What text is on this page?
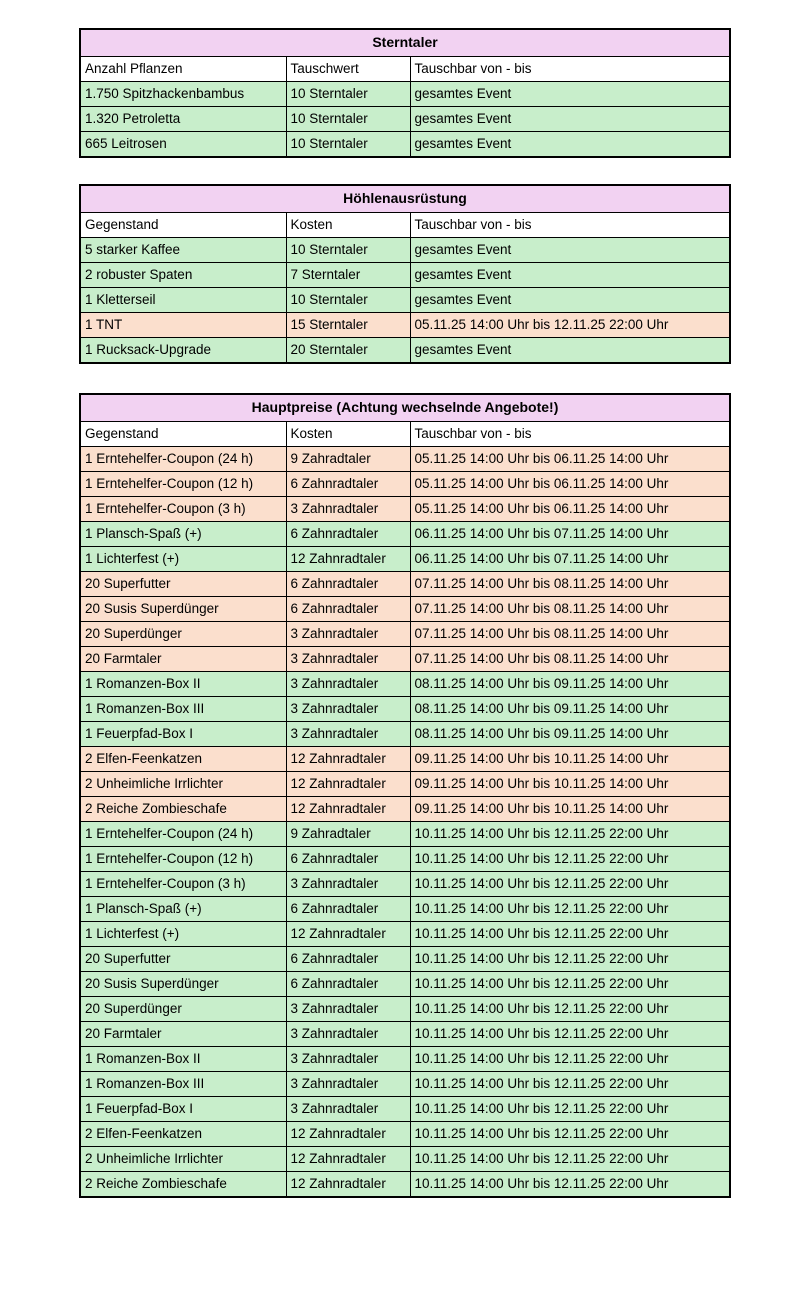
Sterntaler		
Anzahl Pflanzen	Tauschwert	Tauschbar von - bis
1.750 Spitzhackenbambus	10 Sterntaler	gesamtes Event
1.320 Petroletta	10 Sterntaler	gesamtes Event
665 Leitrosen	10 Sterntaler	gesamtes Event
Höhlenausrüstung		
Gegenstand	Kosten	Tauschbar von - bis
5 starker Kaffee	10 Sterntaler	gesamtes Event
2 robuster Spaten	7 Sterntaler	gesamtes Event
1 Kletterseil	10 Sterntaler	gesamtes Event
1 TNT	15 Sterntaler	05.11.25 14:00 Uhr bis 12.11.25 22:00 Uhr
1 Rucksack-Upgrade	20 Sterntaler	gesamtes Event
Hauptpreise (Achtung wechselnde Angebote!)		
Gegenstand	Kosten	Tauschbar von - bis
1 Erntehelfer-Coupon (24 h)	9 Zahradtaler	05.11.25 14:00 Uhr bis 06.11.25 14:00 Uhr
1 Erntehelfer-Coupon (12 h)	6 Zahnradtaler	05.11.25 14:00 Uhr bis 06.11.25 14:00 Uhr
1 Erntehelfer-Coupon (3 h)	3 Zahnradtaler	05.11.25 14:00 Uhr bis 06.11.25 14:00 Uhr
1 Plansch-Spaß (+)	6 Zahnradtaler	06.11.25 14:00 Uhr bis 07.11.25 14:00 Uhr
1 Lichterfest (+)	12 Zahnradtaler	06.11.25 14:00 Uhr bis 07.11.25 14:00 Uhr
20 Superfutter	6 Zahnradtaler	07.11.25 14:00 Uhr bis 08.11.25 14:00 Uhr
20 Susis Superdünger	6 Zahnradtaler	07.11.25 14:00 Uhr bis 08.11.25 14:00 Uhr
20 Superdünger	3 Zahnradtaler	07.11.25 14:00 Uhr bis 08.11.25 14:00 Uhr
20 Farmtaler	3 Zahnradtaler	07.11.25 14:00 Uhr bis 08.11.25 14:00 Uhr
1 Romanzen-Box II	3 Zahnradtaler	08.11.25 14:00 Uhr bis 09.11.25 14:00 Uhr
1 Romanzen-Box III	3 Zahnradtaler	08.11.25 14:00 Uhr bis 09.11.25 14:00 Uhr
1 Feuerpfad-Box I	3 Zahnradtaler	08.11.25 14:00 Uhr bis 09.11.25 14:00 Uhr
2 Elfen-Feenkatzen	12 Zahnradtaler	09.11.25 14:00 Uhr bis 10.11.25 14:00 Uhr
2 Unheimliche Irrlichter	12 Zahnradtaler	09.11.25 14:00 Uhr bis 10.11.25 14:00 Uhr
2 Reiche Zombieschafe	12 Zahnradtaler	09.11.25 14:00 Uhr bis 10.11.25 14:00 Uhr
1 Erntehelfer-Coupon (24 h)	9 Zahradtaler	10.11.25 14:00 Uhr bis 12.11.25 22:00 Uhr
1 Erntehelfer-Coupon (12 h)	6 Zahnradtaler	10.11.25 14:00 Uhr bis 12.11.25 22:00 Uhr
1 Erntehelfer-Coupon (3 h)	3 Zahnradtaler	10.11.25 14:00 Uhr bis 12.11.25 22:00 Uhr
1 Plansch-Spaß (+)	6 Zahnradtaler	10.11.25 14:00 Uhr bis 12.11.25 22:00 Uhr
1 Lichterfest (+)	12 Zahnradtaler	10.11.25 14:00 Uhr bis 12.11.25 22:00 Uhr
20 Superfutter	6 Zahnradtaler	10.11.25 14:00 Uhr bis 12.11.25 22:00 Uhr
20 Susis Superdünger	6 Zahnradtaler	10.11.25 14:00 Uhr bis 12.11.25 22:00 Uhr
20 Superdünger	3 Zahnradtaler	10.11.25 14:00 Uhr bis 12.11.25 22:00 Uhr
20 Farmtaler	3 Zahnradtaler	10.11.25 14:00 Uhr bis 12.11.25 22:00 Uhr
1 Romanzen-Box II	3 Zahnradtaler	10.11.25 14:00 Uhr bis 12.11.25 22:00 Uhr
1 Romanzen-Box III	3 Zahnradtaler	10.11.25 14:00 Uhr bis 12.11.25 22:00 Uhr
1 Feuerpfad-Box I	3 Zahnradtaler	10.11.25 14:00 Uhr bis 12.11.25 22:00 Uhr
2 Elfen-Feenkatzen	12 Zahnradtaler	10.11.25 14:00 Uhr bis 12.11.25 22:00 Uhr
2 Unheimliche Irrlichter	12 Zahnradtaler	10.11.25 14:00 Uhr bis 12.11.25 22:00 Uhr
2 Reiche Zombieschafe	12 Zahnradtaler	10.11.25 14:00 Uhr bis 12.11.25 22:00 Uhr
